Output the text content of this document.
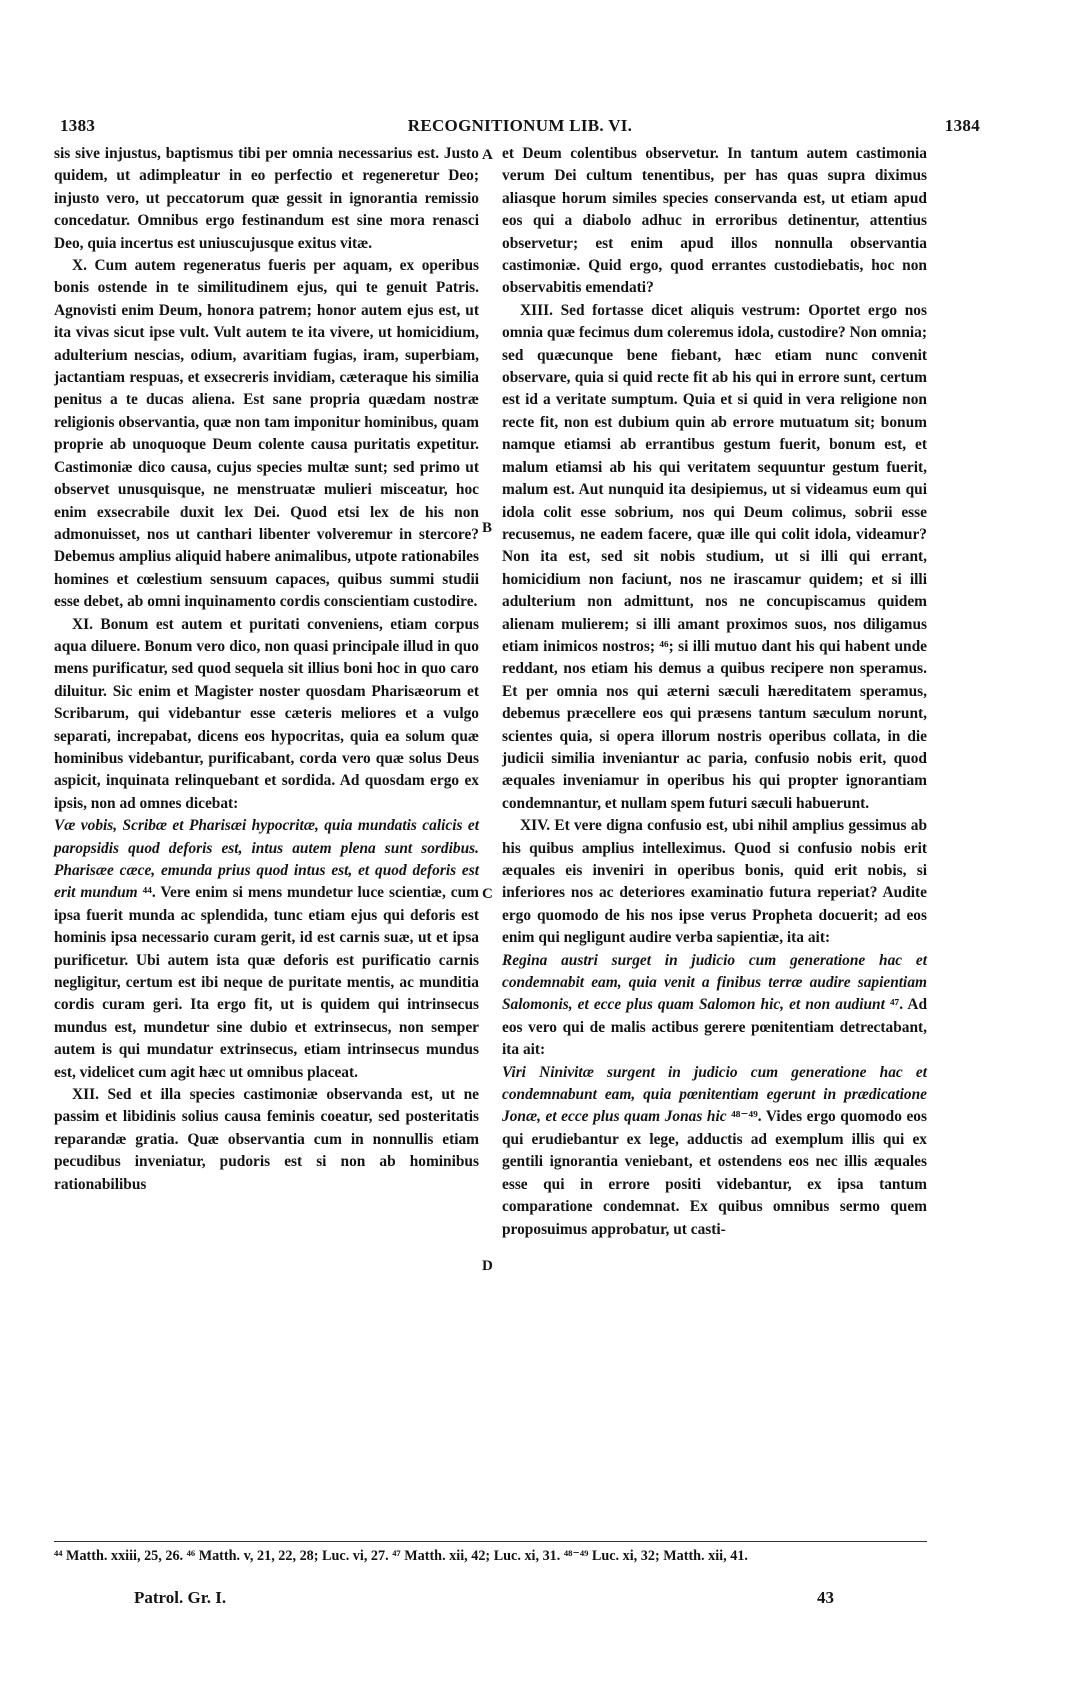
1383	RECOGNITIONUM LIB. VI.	1384

sis sive injustus, baptismus tibi per omnia necessarius est. Justo quidem, ut adimpleatur in eo perfectio et regeneretur Deo; injusto vero, ut peccatorum quæ gessit in ignorantia remissio concedatur. Omnibus ergo festinandum est sine mora renasci Deo, quia incertus est uniuscujusque exitus vitæ.

X. Cum autem regeneratus fueris per aquam, ex operibus bonis ostende in te similitudinem ejus, qui te genuit Patris. Agnovisti enim Deum, honora patrem; honor autem ejus est, ut ita vivas sicut ipse vult. Vult autem te ita vivere, ut homicidium, adulterium nescias, odium, avaritiam fugias, iram, superbiam, jactantiam respuas, et exsecreris invidiam, cæteraque his similia penitus a te ducas aliena. Est sane propria quædam nostræ religionis observantia, quæ non tam imponitur hominibus, quam proprie ab unoquoque Deum colente causa puritatis expetitur. Castimoniæ dico causa, cujus species multæ sunt; sed primo ut observet unusquisque, ne menstruatæ mulieri misceatur, hoc enim exsecrabile duxit lex Dei. Quod etsi lex de his non admonuisset, nos ut canthari libenter volveremur in stercore? Debemus amplius aliquid habere animalibus, utpote rationabiles homines et cœlestium sensuum capaces, quibus summi studii esse debet, ab omni inquinamento cordis conscientiam custodire.

XI. Bonum est autem et puritati conveniens, etiam corpus aqua diluere. Bonum vero dico, non quasi principale illud in quo mens purificatur, sed quod sequela sit illius boni hoc in quo caro diluitur. Sic enim et Magister noster quosdam Pharisæorum et Scribarum, qui videbantur esse cæteris meliores et a vulgo separati, increpabat, dicens eos hypocritas, quia ea solum quæ hominibus videbantur, purificabant, corda vero quæ solus Deus aspicit, inquinata relinquebant et sordida. Ad quosdam ergo ex ipsis, non ad omnes dicebat:

Væ vobis, Scribæ et Pharisæi hypocritæ, quia mundatis calicis et paropsidis quod deforis est, intus autem plena sunt sordibus. Pharisæe cæce, emunda prius quod intus est, et quod deforis est erit mundum ⁴⁴. Vere enim si mens mundetur luce scientiæ, cum ipsa fuerit munda ac splendida, tunc etiam ejus qui deforis est hominis ipsa necessario curam gerit, id est carnis suæ, ut et ipsa purificetur. Ubi autem ista quæ deforis est purificatio carnis negligitur, certum est ibi neque de puritate mentis, ac munditia cordis curam geri. Ita ergo fit, ut is quidem qui intrinsecus mundus est, mundetur sine dubio et extrinsecus, non semper autem is qui mundatur extrinsecus, etiam intrinsecus mundus est, videlicet cum agit hæc ut omnibus placeat.

XII. Sed et illa species castimoniæ observanda est, ut ne passim et libidinis solius causa feminis coeatur, sed posteritatis reparandæ gratia. Quæ observantia cum in nonnullis etiam pecudibus inveniatur, pudoris est si non ab hominibus rationabilibus

A
B
C
D

et Deum colentibus observetur. In tantum autem castimonia verum Dei cultum tenentibus, per has quas supra diximus aliasque horum similes species conservanda est, ut etiam apud eos qui a diabolo adhuc in erroribus detinentur, attentius observetur; est enim apud illos nonnulla observantia castimoniæ. Quid ergo, quod errantes custodiebatis, hoc non observabitis emendati?

XIII. Sed fortasse dicet aliquis vestrum: Oportet ergo nos omnia quæ fecimus dum coleremus idola, custodire? Non omnia; sed quæcunque bene fiebant, hæc etiam nunc convenit observare, quia si quid recte fit ab his qui in errore sunt, certum est id a veritate sumptum. Quia et si quid in vera religione non recte fit, non est dubium quin ab errore mutuatum sit; bonum namque etiamsi ab errantibus gestum fuerit, bonum est, et malum etiamsi ab his qui veritatem sequuntur gestum fuerit, malum est. Aut nunquid ita desipiemus, ut si videamus eum qui idola colit esse sobrium, nos qui Deum colimus, sobrii esse recusemus, ne eadem facere, quæ ille qui colit idola, videamur? Non ita est, sed sit nobis studium, ut si illi qui errant, homicidium non faciunt, nos ne irascamur quidem; et si illi adulterium non admittunt, nos ne concupiscamus quidem alienam mulierem; si illi amant proximos suos, nos diligamus etiam inimicos nostros; ⁴⁶; si illi mutuo dant his qui habent unde reddant, nos etiam his demus a quibus recipere non speramus. Et per omnia nos qui æterni sæculi hæreditatem speramus, debemus præcellere eos qui præsens tantum sæculum norunt, scientes quia, si opera illorum nostris operibus collata, in die judicii similia inveniantur ac paria, confusio nobis erit, quod æquales inveniamur in operibus his qui propter ignorantiam condemnantur, et nullam spem futuri sæculi habuerunt.

XIV. Et vere digna confusio est, ubi nihil amplius gessimus ab his quibus amplius intelleximus. Quod si confusio nobis erit æquales eis inveniri in operibus bonis, quid erit nobis, si inferiores nos ac deteriores examinatio futura reperiat? Audite ergo quomodo de his nos ipse verus Propheta docuerit; ad eos enim qui negligunt audire verba sapientiæ, ita ait:

Regina austri surget in judicio cum generatione hac et condemnabit eam, quia venit a finibus terræ audire sapientiam Salomonis, et ecce plus quam Salomon hic, et non audiunt ⁴⁷. Ad eos vero qui de malis actibus gerere pœnitentiam detrectabant, ita ait:

Viri Ninivitæ surgent in judicio cum generatione hac et condemnabunt eam, quia pœnitentiam egerunt in prædicatione Jonæ, et ecce plus quam Jonas hic ⁴⁸⁻⁴⁹. Vides ergo quomodo eos qui erudiebantur ex lege, adductis ad exemplum illis qui ex gentili ignorantia veniebant, et ostendens eos nec illis æquales esse qui in errore positi videbantur, ex ipsa tantum comparatione condemnat. Ex quibus omnibus sermo quem proposuimus approbatur, ut casti-

⁴⁴ Matth. xxiii, 25, 26. ⁴⁶ Matth. v, 21, 22, 28; Luc. vi, 27. ⁴⁷ Matth. xii, 42; Luc. xi, 31. ⁴⁸⁻⁴⁹ Luc. xi, 32; Matth. xii, 41.
Patrol. Gr. I.	43
